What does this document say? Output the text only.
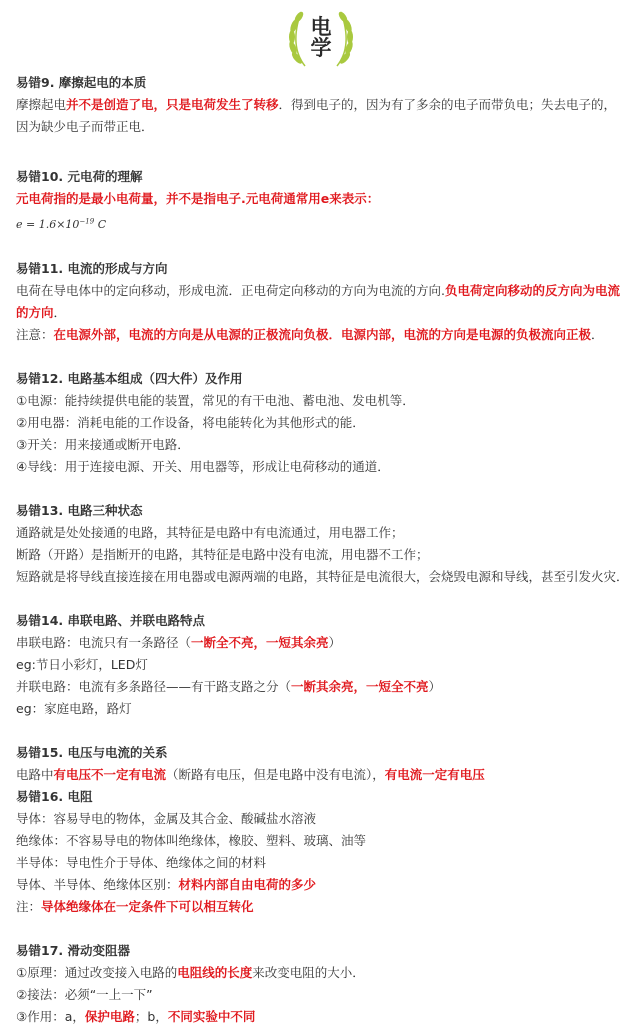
电
学
易错9. 摩擦起电的本质
摩擦起电并不是创造了电，只是电荷发生了转移．得到电子的，因为有了多余的电子而带负电；失去电子的，因为缺少电子而带正电．
易错10. 元电荷的理解
元电荷指的是最小电荷量，并不是指电子.元电荷通常用e来表示：
$e = 1.6\times 10^{-19}$ C
易错11. 电流的形成与方向
电荷在导电体中的定向移动，形成电流．正电荷定向移动的方向为电流的方向.负电荷定向移动的反方向为电流的方向．
注意：在电源外部，电流的方向是从电源的正极流向负极．电源内部，电流的方向是电源的负极流向正极．
易错12. 电路基本组成（四大件）及作用
①电源：能持续提供电能的装置，常见的有干电池、蓄电池、发电机等．
②用电器：消耗电能的工作设备，将电能转化为其他形式的能．
③开关：用来接通或断开电路．
④导线：用于连接电源、开关、用电器等，形成让电荷移动的通道．
易错13. 电路三种状态
通路就是处处接通的电路，其特征是电路中有电流通过，用电器工作；
断路（开路）是指断开的电路，其特征是电路中没有电流，用电器不工作；
短路就是将导线直接连接在用电器或电源两端的电路，其特征是电流很大，会烧毁电源和导线，甚至引发火灾．
易错14. 串联电路、并联电路特点
串联电路：电流只有一条路径（一断全不亮，一短其余亮）
eg:节日小彩灯，LED灯
并联电路：电流有多条路径——有干路支路之分（一断其余亮，一短全不亮）
eg：家庭电路，路灯
易错15. 电压与电流的关系
电路中有电压不一定有电流（断路有电压，但是电路中没有电流），有电流一定有电压
易错16. 电阻
导体：容易导电的物体，金属及其合金、酸碱盐水溶液
绝缘体：不容易导电的物体叫绝缘体，橡胶、塑料、玻璃、油等
半导体：导电性介于导体、绝缘体之间的材料
导体、半导体、绝缘体区别：材料内部自由电荷的多少
注：导体绝缘体在一定条件下可以相互转化
易错17. 滑动变阻器
①原理：通过改变接入电路的电阻线的长度来改变电阻的大小．
②接法：必须“一上一下”
③作用：a，保护电路；b，不同实验中不同
